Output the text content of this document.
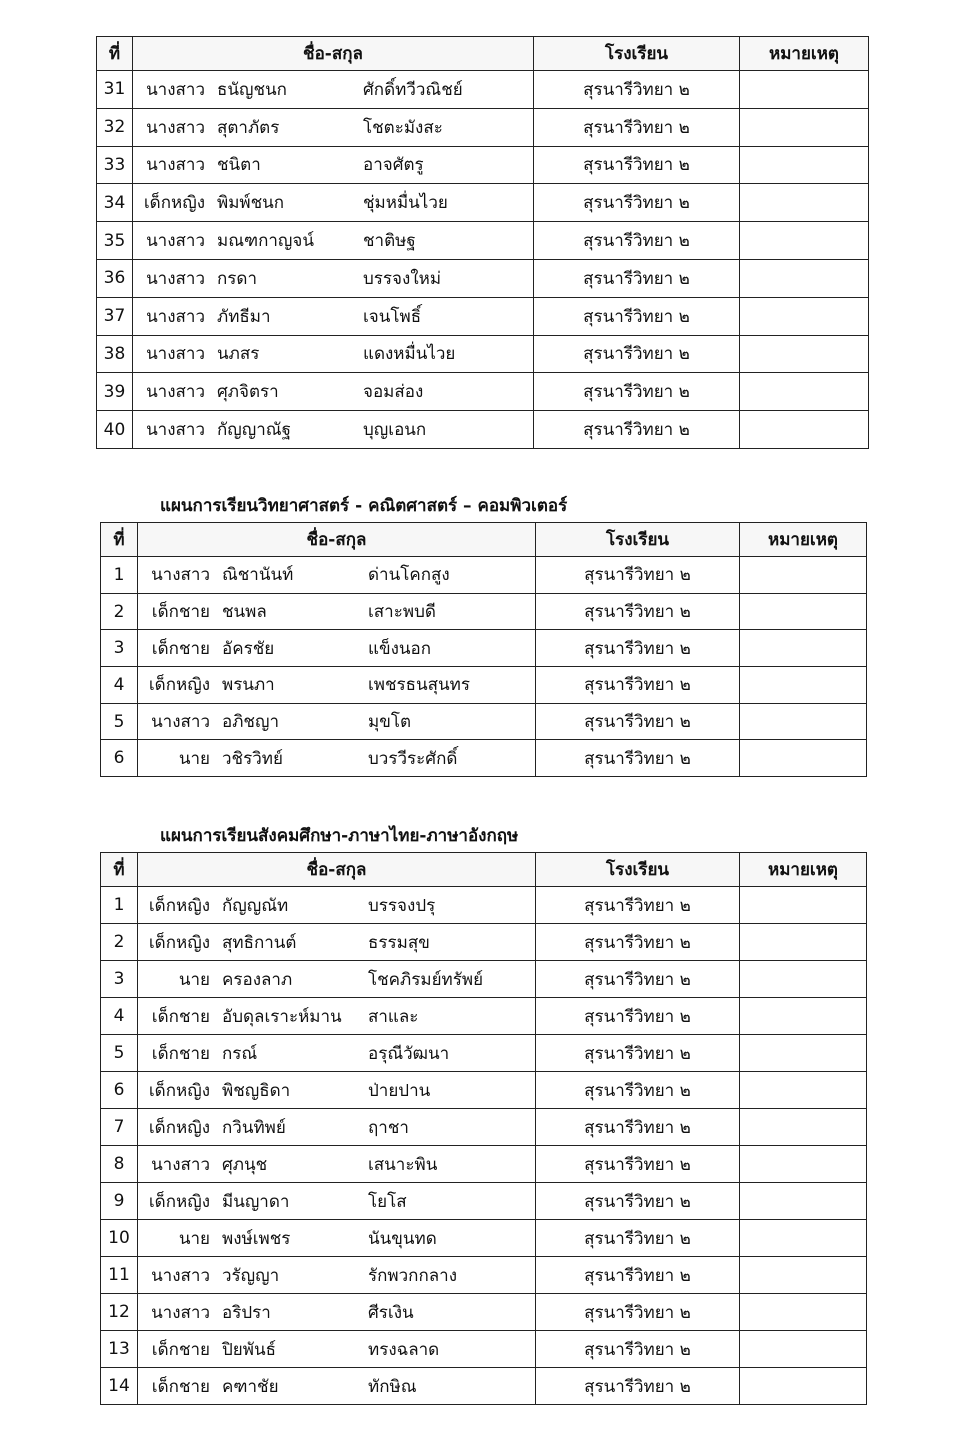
ที่	ชื่อ-สกุล	โรงเรียน	หมายเหตุ
31	นางสาว ธนัญชนก ศักดิ์ทวีวณิชย์	สุรนารีวิทยา ๒	
32	นางสาว สุตาภัตร โชตะมังสะ	สุรนารีวิทยา ๒	
33	นางสาว ชนิตา อาจศัตรู	สุรนารีวิทยา ๒	
34	เด็กหญิง พิมพ์ชนก ชุ่มหมื่นไวย	สุรนารีวิทยา ๒	
35	นางสาว มณฑกาญจน์ ชาติษฐ	สุรนารีวิทยา ๒	
36	นางสาว กรดา บรรจงใหม่	สุรนารีวิทยา ๒	
37	นางสาว ภัทธีมา เจนโพธิ์	สุรนารีวิทยา ๒	
38	นางสาว นภสร แดงหมื่นไวย	สุรนารีวิทยา ๒	
39	นางสาว ศุภจิตรา จอมส่อง	สุรนารีวิทยา ๒	
40	นางสาว กัญญาณัฐ บุญเอนก	สุรนารีวิทยา ๒	

แผนการเรียนวิทยาศาสตร์ - คณิตศาสตร์ – คอมพิวเตอร์

ที่	ชื่อ-สกุล	โรงเรียน	หมายเหตุ
1	นางสาว ณิชานันท์ ด่านโคกสูง	สุรนารีวิทยา ๒	
2	เด็กชาย ชนพล เสาะพบดี	สุรนารีวิทยา ๒	
3	เด็กชาย อัครชัย แข็งนอก	สุรนารีวิทยา ๒	
4	เด็กหญิง พรนภา เพชรธนสุนทร	สุรนารีวิทยา ๒	
5	นางสาว อภิชญา มุขโต	สุรนารีวิทยา ๒	
6	นาย วชิรวิทย์ บวรวีระศักดิ์	สุรนารีวิทยา ๒	

แผนการเรียนสังคมศึกษา-ภาษาไทย-ภาษาอังกฤษ

ที่	ชื่อ-สกุล	โรงเรียน	หมายเหตุ
1	เด็กหญิง กัญญณัท บรรจงปรุ	สุรนารีวิทยา ๒	
2	เด็กหญิง สุทธิกานต์ ธรรมสุข	สุรนารีวิทยา ๒	
3	นาย ครองลาภ โชคภิรมย์ทรัพย์	สุรนารีวิทยา ๒	
4	เด็กชาย อับดุลเราะห์มาน สาและ	สุรนารีวิทยา ๒	
5	เด็กชาย กรณ์ อรุณีวัฒนา	สุรนารีวิทยา ๒	
6	เด็กหญิง พิชญธิดา ป่ายปาน	สุรนารีวิทยา ๒	
7	เด็กหญิง กวินทิพย์ ฤาชา	สุรนารีวิทยา ๒	
8	นางสาว ศุภนุช เสนาะพิน	สุรนารีวิทยา ๒	
9	เด็กหญิง มีนญาดา โยโส	สุรนารีวิทยา ๒	
10	นาย พงษ์เพชร นันขุนทด	สุรนารีวิทยา ๒	
11	นางสาว วรัญญา รักพวกกลาง	สุรนารีวิทยา ๒	
12	นางสาว อริปรา ศีรเงิน	สุรนารีวิทยา ๒	
13	เด็กชาย ปิยพันธ์ ทรงฉลาด	สุรนารีวิทยา ๒	
14	เด็กชาย คฑาชัย ทักษิณ	สุรนารีวิทยา ๒	
